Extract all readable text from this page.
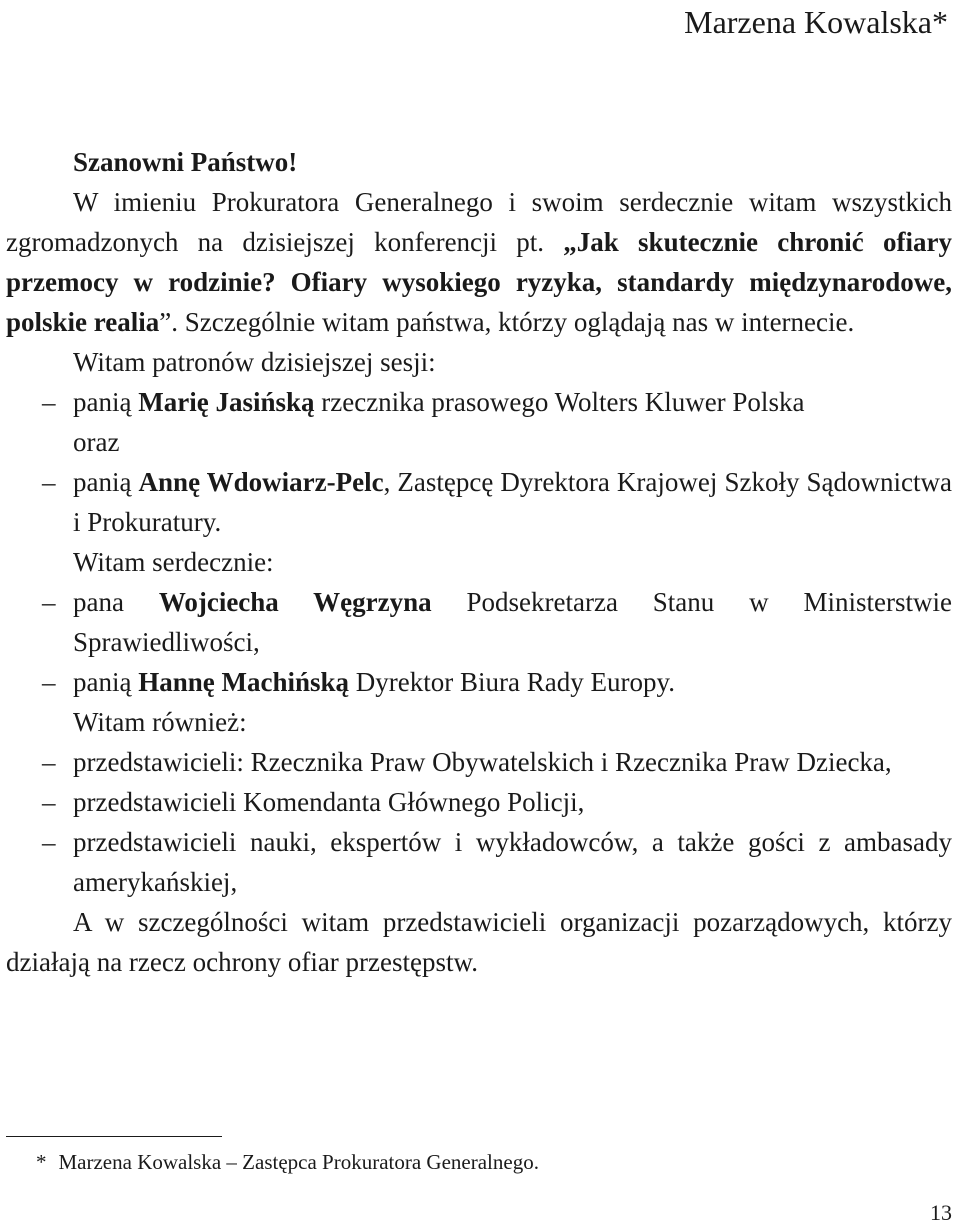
Marzena Kowalska*

Szanowni Państwo!

W imieniu Prokuratora Generalnego i swoim serdecznie witam wszystkich zgromadzonych na dzisiejszej konferencji pt. „Jak skutecznie chronić ofiary przemocy w rodzinie? Ofiary wysokiego ryzyka, standardy międzynarodowe, polskie realia”. Szczególnie witam państwa, którzy oglądają nas w internecie.

Witam patronów dzisiejszej sesji:

– panią Marię Jasińską rzecznika prasowego Wolters Kluwer Polska

oraz

– panią Annę Wdowiarz-Pelc, Zastępcę Dyrektora Krajowej Szkoły Sądownictwa i Prokuratury.

Witam serdecznie:

– pana Wojciecha Węgrzyna Podsekretarza Stanu w Ministerstwie Sprawiedliwości,

– panią Hannę Machińską Dyrektor Biura Rady Europy.

Witam również:

– przedstawicieli: Rzecznika Praw Obywatelskich i Rzecznika Praw Dziecka,

– przedstawicieli Komendanta Głównego Policji,

– przedstawicieli nauki, ekspertów i wykładowców, a także gości z ambasady amerykańskiej,

A w szczególności witam przedstawicieli organizacji pozarządowych, którzy działają na rzecz ochrony ofiar przestępstw.

* Marzena Kowalska – Zastępca Prokuratora Generalnego.
13
